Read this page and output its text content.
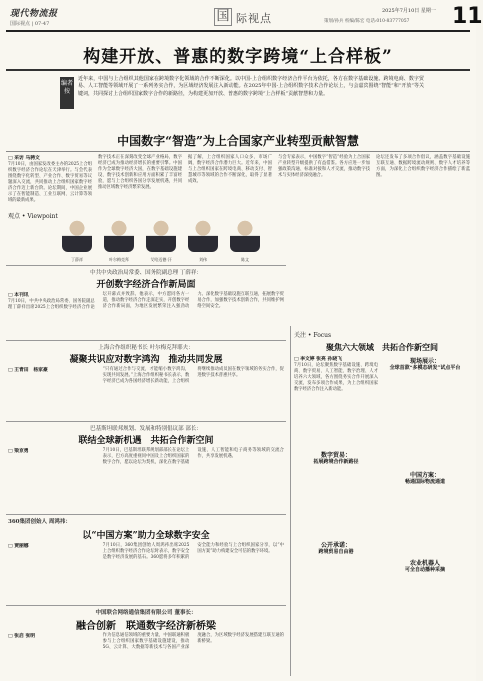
现代物流报
国际视点 | 07-47	国 际视点
2025年7月10日 星期一
策划/孙兵 校编/陈宏 电话:010-83777057 11
构建开放、普惠的数字跨境“上合样板”
编者按
近年来，中国与上合组织其他国家在跨境数字化领域的合作不断深化。以中国-上合组织数字经济合作平台为依托，各方在数字基础设施、跨境电商、数字贸易、人工智能等领域开展了一系列务实合作，为区域经济发展注入新动能。在2025年中国-上合组织数字技术合作论坛上，与会嘉宾围绕“智能”和“开放”等关键词，共同探讨上合组织国家数字合作的新路径，为构建更加开放、普惠的数字跨境“上合样板”贡献智慧和力量。
中国数字“智造”为上合国家产业转型贡献智慧
□ 采访 马骋文
7月10日，由国家发改委主办的2025上合组织数字经济合作论坛在天津举行。与会代表围绕数字化转型、产业合作、数字贸易等议题深入交流，共同推动上合组织国家数字经济合作迈上新台阶。论坛期间，中国企业展示了在智能制造、工业互联网、云计算等领域的最新成果。
数字技术正在深刻改变全球产业格局，数字经济已成为推动经济增长的重要引擎。中国作为全球数字经济大国，在数字基础设施建设、数字技术创新和应用方面积累了丰富经验，愿与上合组织各国分享发展机遇，共同推动区域数字经济繁荣发展。
据了解，上合组织国家人口众多、市场广阔，数字经济合作潜力巨大。近年来，中国与上合组织国家在跨境电商、移动支付、智慧城市等领域的合作不断深化，取得了显著成效。
与会专家表示，中国数字“智造”经验为上合国家产业转型升级提供了有益借鉴。各方应进一步加强政策沟通、标准对接和人才交流，推动数字技术与实体经济深度融合。
论坛还发布了多项合作倡议，涵盖数字基础设施互联互通、数据跨境流动规则、数字人才培养等方面，为深化上合组织数字经济合作描绘了新蓝图。
观点 • Viewpoint
丁薛祥	叶尔梅克拜	艾哈迈德·汗	刘伟	陈文
中共中央政治局常委、国务院副总理 丁薛祥：
开创数字经济合作新局面
□ 本刊讯
7月10日，中共中央政治局常委、国务院副总理丁薛祥出席2025上合组织数字经济合作论坛开幕式并致辞。他表示，中方愿同各方一道，推动数字经济合作走深走实，开创数字经济合作新局面，为地区发展繁荣注入强劲动力。深化数字基础设施互联互通，拓展数字贸易合作，加强数字技术创新合作，共同维护网络空间安全。
上海合作组织秘书长 叶尔梅克拜耶夫：
凝聚共识应对数字鸿沟　推动共同发展
□ 王青田　杨家豪	“只有通过合作与交流，才能缩小数字鸿沟，实现共同发展。”上海合作组织秘书长表示，数字经济已成为各国经济增长新动能，上合组织将继续推动成员国在数字领域的务实合作，促进数字技术普惠共享。
巴基斯坦联邦规划、发展和特别倡议部 部长：
联结全球新机遇　共拓合作新空间
□ 梁京勇	7月10日，巴基斯坦联邦规划部部长在论坛上表示，巴方高度重视同中国及上合组织国家的数字合作，愿以论坛为契机，深化在数字基础设施、人工智能和电子商务等领域的交流合作，共享发展机遇。
360集团创始人 周鸿祎：
以“中国方案”助力全球数字安全
□ 贾丽娜	7月10日，360集团创始人周鸿祎出席2025上合组织数字经济合作论坛时表示，数字安全是数字经济发展的基石。360愿将多年积累的安全能力和经验与上合组织国家分享，以“中国方案”助力构建安全可信的数字环境。
中国联合网络通信集团有限公司 董事长：
融合创新　联通数字经济新桥梁
□ 张启 张明	作为信息通信领域的重要力量，中国联通积极参与上合组织国家数字基础设施建设，推动5G、云计算、大数据等新技术与各国产业深度融合，为区域数字经济发展搭建互联互通的新桥梁。
关注 • Focus
聚焦六大领域　共拓合作新空间
□ 李文婷 张亮 孙晓飞
7月10日，论坛聚焦数字基础设施、跨境电商、数字贸易、人工智能、数字治理、人才培养六大领域，各方围绕务实合作开展深入交流，发布多项合作成果，为上合组织国家数字经济合作注入新动能。
现场展示：
全球首款“多模态研发”试点平台
数字贸易：
拓展跨境合作新路径
中国方案：
畅通国际物流通道
公开承诺：
跨境贸易自由港
农业机器人
可全自动播种采摘
